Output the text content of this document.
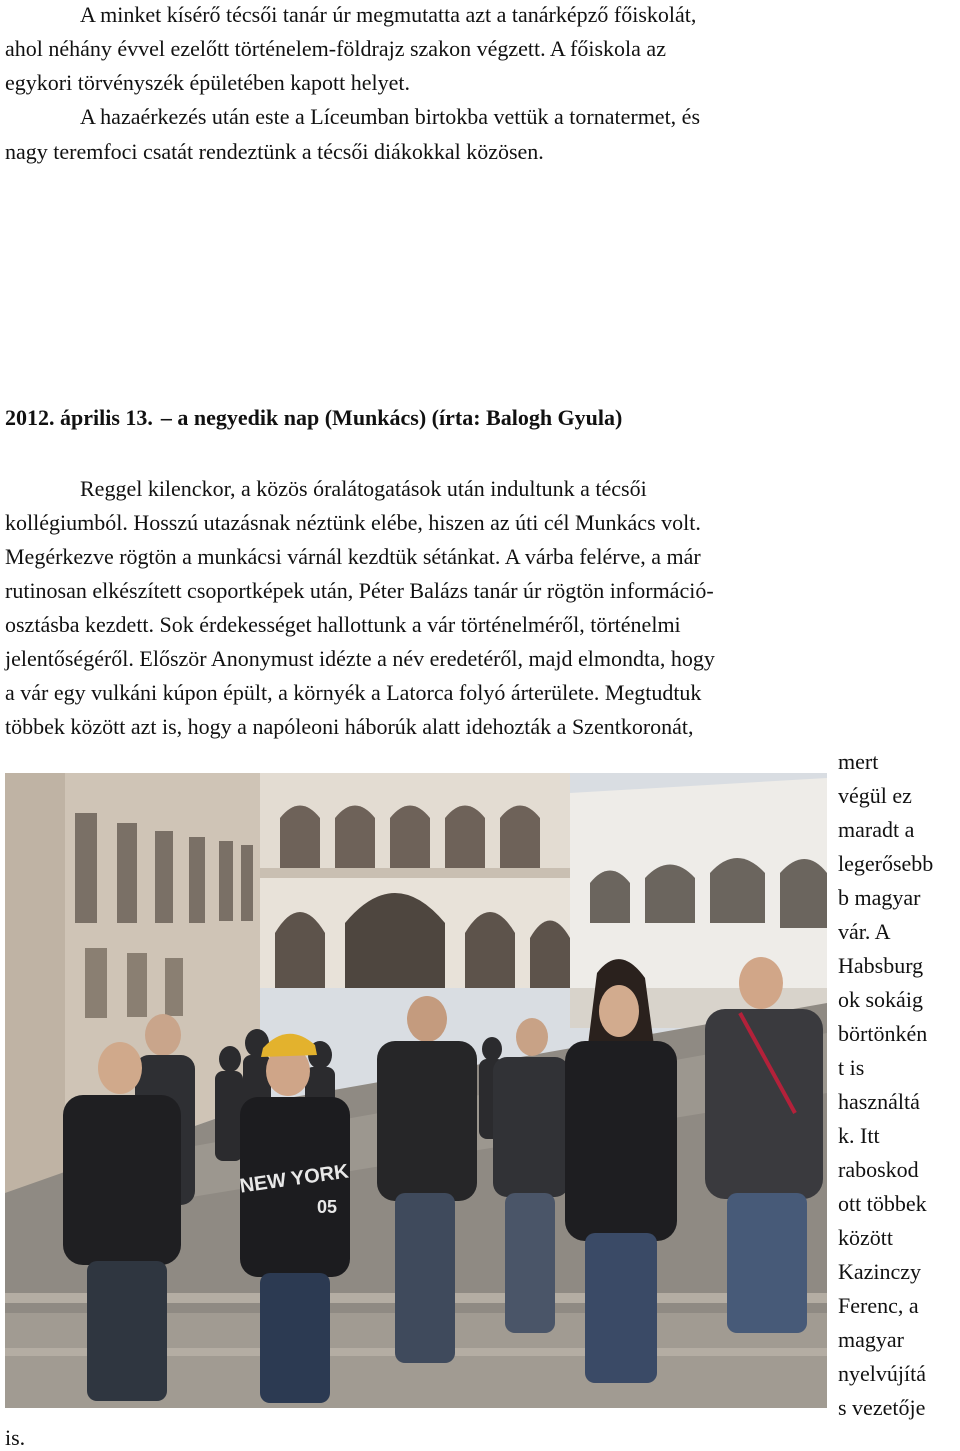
A minket kísérő técsői tanár úr megmutatta azt a tanárképző főiskolát,
ahol néhány évvel ezelőtt történelem-földrajz szakon végzett. A főiskola az
egykori törvényszék épületében kapott helyet.
A hazaérkezés után este a Líceumban birtokba vettük a tornatermet, és
nagy teremfoci csatát rendeztünk a técsői diákokkal közösen.
2012. április 13. – a negyedik nap (Munkács) (írta: Balogh Gyula)
Reggel kilenckor, a közös óralátogatások után indultunk a técsői
kollégiumból. Hosszú utazásnak néztünk elébe, hiszen az úti cél Munkács volt.
Megérkezve rögtön a munkácsi várnál kezdtük sétánkat. A várba felérve, a már
rutinosan elkészített csoportképek után, Péter Balázs tanár úr rögtön információ-
osztásba kezdett. Sok érdekességet hallottunk a vár történelméről, történelmi
jelentőségéről. Először Anonymust idézte a név eredetéről, majd elmondta, hogy
a vár egy vulkáni kúpon épült, a környék a Latorca folyó árterülete. Megtudtuk
többek között azt is, hogy a napóleoni háborúk alatt idehozták a Szentkoronát,
mert
végül ez
maradt a
legerősebb
b magyar
vár. A
Habsburg
ok sokáig
börtönkén
t is
használtá
k. Itt
raboskod
ott többek
között
Kazinczy
Ferenc, a
magyar
nyelvújítá
s vezetője
NEW YORK
05
is.
